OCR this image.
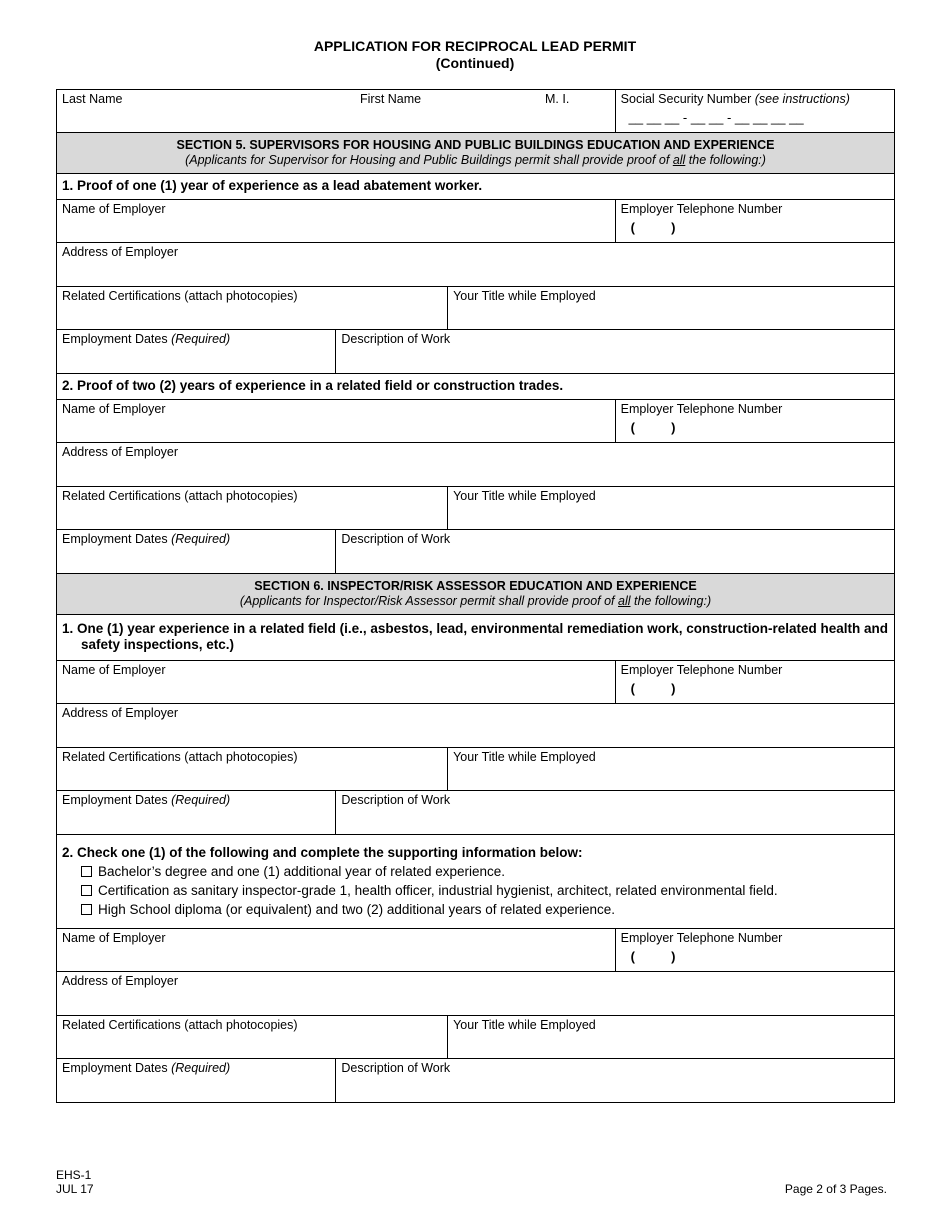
APPLICATION FOR RECIPROCAL LEAD PERMIT
(Continued)
Last Name	First Name	M. I.	Social Security Number (see instructions)
__ __ __ - __ __ - __ __ __ __
SECTION 5. SUPERVISORS FOR HOUSING AND PUBLIC BUILDINGS EDUCATION AND EXPERIENCE
(Applicants for Supervisor for Housing and Public Buildings permit shall provide proof of all the following:)
1. Proof of one (1) year of experience as a lead abatement worker.
Name of Employer	Employer Telephone Number
(          )
Address of Employer
Related Certifications (attach photocopies)	Your Title while Employed
Employment Dates (Required)	Description of Work
2. Proof of two (2) years of experience in a related field or construction trades.
Name of Employer	Employer Telephone Number
(          )
Address of Employer
Related Certifications (attach photocopies)	Your Title while Employed
Employment Dates (Required)	Description of Work
SECTION 6. INSPECTOR/RISK ASSESSOR EDUCATION AND EXPERIENCE
(Applicants for Inspector/Risk Assessor permit shall provide proof of all the following:)
1. One (1) year experience in a related field (i.e., asbestos, lead, environmental remediation work, construction-related health and safety inspections, etc.)
Name of Employer	Employer Telephone Number
(          )
Address of Employer
Related Certifications (attach photocopies)	Your Title while Employed
Employment Dates (Required)	Description of Work
2. Check one (1) of the following and complete the supporting information below:
Bachelor’s degree and one (1) additional year of related experience.
Certification as sanitary inspector-grade 1, health officer, industrial hygienist, architect, related environmental field.
High School diploma (or equivalent) and two (2) additional years of related experience.
Name of Employer	Employer Telephone Number
(          )
Address of Employer
Related Certifications (attach photocopies)	Your Title while Employed
Employment Dates (Required)	Description of Work
EHS-1
JUL 17	Page 2 of 3 Pages.
